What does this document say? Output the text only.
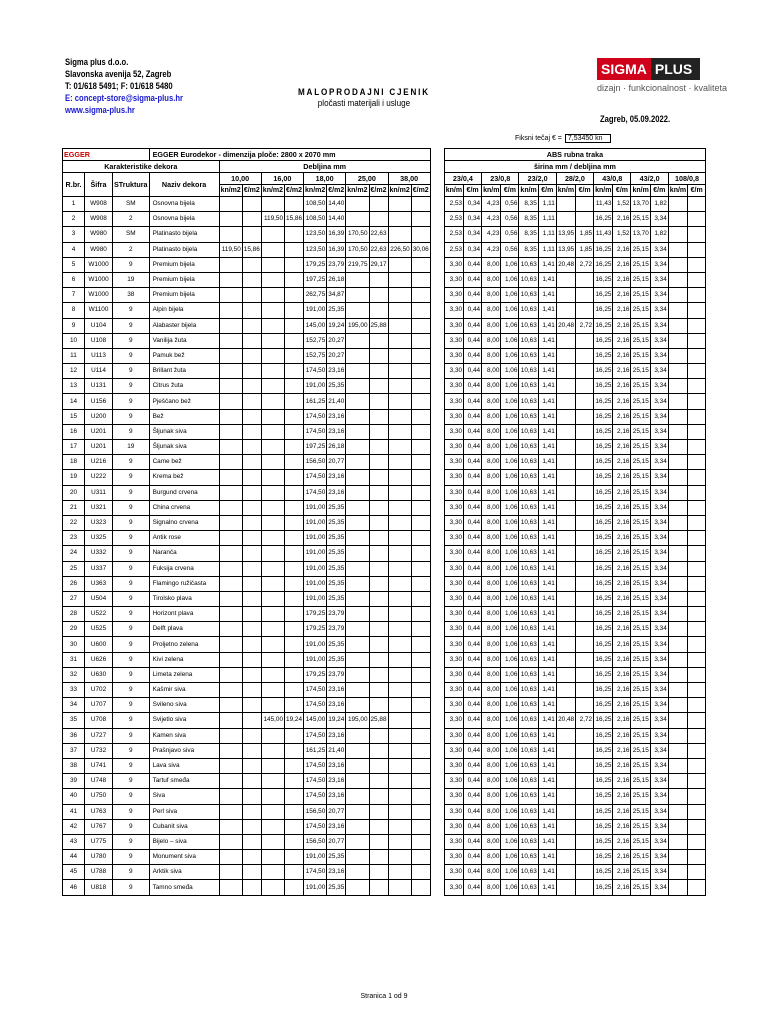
Sigma plus d.o.o.
Slavonska avenija 52, Zagreb
T: 01/618 5491; F: 01/618 5480
E: concept-store@sigma-plus.hr
www.sigma-plus.hr
MALOPRODAJNI CJENIK
pločasti materijali i usluge
SIGMA PLUS
dizajn · funkcionalnost · kvaliteta
Zagreb, 05.09.2022.
Fiksni tečaj € = 7,53450 kn
EGGER			EGGER Eurodekor - dimenzija ploče: 2800 x 2070 mm												ABS rubna traka													
Karakteristike dekora				Debljina mm											širina mm / debljina mm													
R.br.	Šifra	STruktura	Naziv dekora	10,00		16,00		18,00		25,00		38,00			23/0,4		23/0,8		23/2,0		28/2,0		43/0,8		43/2,0		108/0,8	
				kn/m2	€/m2	kn/m2	€/m2	kn/m2	€/m2	kn/m2	€/m2	kn/m2	€/m2		kn/m	€/m	kn/m	€/m	kn/m	€/m	kn/m	€/m	kn/m	€/m	kn/m	€/m	kn/m	€/m
1	W908	SM	Osnovna bijela					108,50	14,40						2,53	0,34	4,23	0,56	8,35	1,11			11,43	1,52	13,70	1,82		
2	W908	2	Osnovna bijela			119,50	15,86	108,50	14,40						2,53	0,34	4,23	0,56	8,35	1,11			16,25	2,16	25,15	3,34		
3	W980	SM	Platinasto bijela					123,50	16,39	170,50	22,63				2,53	0,34	4,23	0,56	8,35	1,11	13,95	1,85	11,43	1,52	13,70	1,82		
4	W980	2	Platinasto bijela	119,50	15,86			123,50	16,39	170,50	22,63	226,50	30,06		2,53	0,34	4,23	0,56	8,35	1,11	13,95	1,85	16,25	2,16	25,15	3,34		
5	W1000	9	Premium bijela					179,25	23,79	219,75	29,17				3,30	0,44	8,00	1,06	10,63	1,41	20,48	2,72	16,25	2,16	25,15	3,34		
6	W1000	19	Premium bijela					197,25	26,18						3,30	0,44	8,00	1,06	10,63	1,41			16,25	2,16	25,15	3,34		
7	W1000	38	Premium bijela					262,75	34,87						3,30	0,44	8,00	1,06	10,63	1,41			16,25	2,16	25,15	3,34		
8	W1100	9	Alpin bijela					191,00	25,35						3,30	0,44	8,00	1,06	10,63	1,41			16,25	2,16	25,15	3,34		
9	U104	9	Alabaster bijela					145,00	19,24	195,00	25,88				3,30	0,44	8,00	1,06	10,63	1,41	20,48	2,72	16,25	2,16	25,15	3,34		
10	U108	9	Vanilija žuta					152,75	20,27						3,30	0,44	8,00	1,06	10,63	1,41			16,25	2,16	25,15	3,34		
11	U113	9	Pamuk bež					152,75	20,27						3,30	0,44	8,00	1,06	10,63	1,41			16,25	2,16	25,15	3,34		
12	U114	9	Brillant žuta					174,50	23,16						3,30	0,44	8,00	1,06	10,63	1,41			16,25	2,16	25,15	3,34		
13	U131	9	Citrus žuta					191,00	25,35						3,30	0,44	8,00	1,06	10,63	1,41			16,25	2,16	25,15	3,34		
14	U156	9	Pješčano bež					161,25	21,40						3,30	0,44	8,00	1,06	10,63	1,41			16,25	2,16	25,15	3,34		
15	U200	9	Bež					174,50	23,16						3,30	0,44	8,00	1,06	10,63	1,41			16,25	2,16	25,15	3,34		
16	U201	9	Šljunak siva					174,50	23,16						3,30	0,44	8,00	1,06	10,63	1,41			16,25	2,16	25,15	3,34		
17	U201	19	Šljunak siva					197,25	26,18						3,30	0,44	8,00	1,06	10,63	1,41			16,25	2,16	25,15	3,34		
18	U216	9	Came bež					156,50	20,77						3,30	0,44	8,00	1,06	10,63	1,41			16,25	2,16	25,15	3,34		
19	U222	9	Krema bež					174,50	23,16						3,30	0,44	8,00	1,06	10,63	1,41			16,25	2,16	25,15	3,34		
20	U311	9	Burgund crvena					174,50	23,16						3,30	0,44	8,00	1,06	10,63	1,41			16,25	2,16	25,15	3,34		
21	U321	9	China crvena					191,00	25,35						3,30	0,44	8,00	1,06	10,63	1,41			16,25	2,16	25,15	3,34		
22	U323	9	Signalno crvena					191,00	25,35						3,30	0,44	8,00	1,06	10,63	1,41			16,25	2,16	25,15	3,34		
23	U325	9	Antik rose					191,00	25,35						3,30	0,44	8,00	1,06	10,63	1,41			16,25	2,16	25,15	3,34		
24	U332	9	Narančа					191,00	25,35						3,30	0,44	8,00	1,06	10,63	1,41			16,25	2,16	25,15	3,34		
25	U337	9	Fuksija crvena					191,00	25,35						3,30	0,44	8,00	1,06	10,63	1,41			16,25	2,16	25,15	3,34		
26	U363	9	Flamingo ružičasta					191,00	25,35						3,30	0,44	8,00	1,06	10,63	1,41			16,25	2,16	25,15	3,34		
27	U504	9	Tirolsko plava					191,00	25,35						3,30	0,44	8,00	1,06	10,63	1,41			16,25	2,16	25,15	3,34		
28	U522	9	Horizont plava					179,25	23,79						3,30	0,44	8,00	1,06	10,63	1,41			16,25	2,16	25,15	3,34		
29	U525	9	Delft plava					179,25	23,79						3,30	0,44	8,00	1,06	10,63	1,41			16,25	2,16	25,15	3,34		
30	U600	9	Proljetno zelena					191,00	25,35						3,30	0,44	8,00	1,06	10,63	1,41			16,25	2,16	25,15	3,34		
31	U626	9	Kivi zelena					191,00	25,35						3,30	0,44	8,00	1,06	10,63	1,41			16,25	2,16	25,15	3,34		
32	U630	9	Limeta zelena					179,25	23,79						3,30	0,44	8,00	1,06	10,63	1,41			16,25	2,16	25,15	3,34		
33	U702	9	Kašmir siva					174,50	23,16						3,30	0,44	8,00	1,06	10,63	1,41			16,25	2,16	25,15	3,34		
34	U707	9	Svileno siva					174,50	23,16						3,30	0,44	8,00	1,06	10,63	1,41			16,25	2,16	25,15	3,34		
35	U708	9	Svijetlo siva			145,00	19,24	145,00	19,24	195,00	25,88				3,30	0,44	8,00	1,06	10,63	1,41	20,48	2,72	16,25	2,16	25,15	3,34		
36	U727	9	Kamen siva					174,50	23,16						3,30	0,44	8,00	1,06	10,63	1,41			16,25	2,16	25,15	3,34		
37	U732	9	Prašnjavo siva					161,25	21,40						3,30	0,44	8,00	1,06	10,63	1,41			16,25	2,16	25,15	3,34		
38	U741	9	Lava siva					174,50	23,16						3,30	0,44	8,00	1,06	10,63	1,41			16,25	2,16	25,15	3,34		
39	U748	9	Tartuf smeđa					174,50	23,16						3,30	0,44	8,00	1,06	10,63	1,41			16,25	2,16	25,15	3,34		
40	U750	9	Siva					174,50	23,16						3,30	0,44	8,00	1,06	10,63	1,41			16,25	2,16	25,15	3,34		
41	U763	9	Perl siva					156,50	20,77						3,30	0,44	8,00	1,06	10,63	1,41			16,25	2,16	25,15	3,34		
42	U767	9	Cubanit siva					174,50	23,16						3,30	0,44	8,00	1,06	10,63	1,41			16,25	2,16	25,15	3,34		
43	U775	9	Bijelo – siva					156,50	20,77						3,30	0,44	8,00	1,06	10,63	1,41			16,25	2,16	25,15	3,34		
44	U780	9	Monument siva					191,00	25,35						3,30	0,44	8,00	1,06	10,63	1,41			16,25	2,16	25,15	3,34		
45	U788	9	Arktik siva					174,50	23,16						3,30	0,44	8,00	1,06	10,63	1,41			16,25	2,16	25,15	3,34		
46	U818	9	Tamno smeđa					191,00	25,35						3,30	0,44	8,00	1,06	10,63	1,41			16,25	2,16	25,15	3,34		
Stranica 1 od 9
